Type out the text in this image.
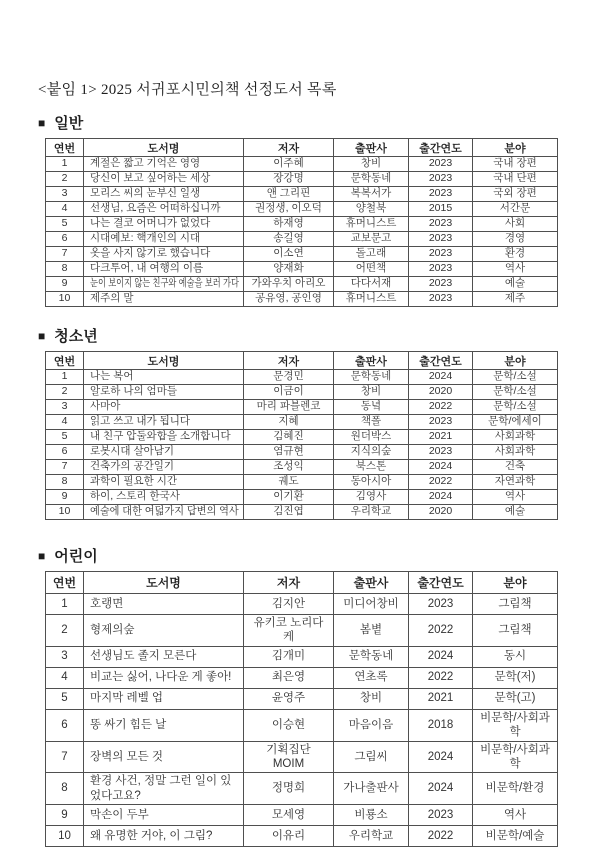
<붙임 1> 2025 서귀포시민의책 선정도서 목록
■ 일반
연번	도서명	저자	출판사	출간연도	분야
1	계절은 짧고 기억은 영영	이주혜	창비	2023	국내 장편
2	당신이 보고 싶어하는 세상	장강명	문학동네	2023	국내 단편
3	모리스 씨의 눈부신 일생	앤 그리핀	복복서가	2023	국외 장편
4	선생님, 요즘은 어떠하십니까	권정생, 이오덕	양철북	2015	서간문
5	나는 결코 어머니가 없었다	하재영	휴머니스트	2023	사회
6	시대예보: 핵개인의 시대	송길영	교보문고	2023	경영
7	옷을 사지 않기로 했습니다	이소연	돌고래	2023	환경
8	다크투어, 내 여행의 이름	양재화	어떤책	2023	역사
9	눈이 보이지 않는 친구와 예술을 보러 가다	가와우치 아리오	다다서재	2023	예술
10	제주의 말	공유영, 공인영	휴머니스트	2023	제주
■ 청소년
연번	도서명	저자	출판사	출간연도	분야
1	나는 복어	문경민	문학동네	2024	문학/소설
2	알로하 나의 엄마들	이금이	창비	2020	문학/소설
3	사마아	마리 파블렌코	동녘	2022	문학/소설
4	읽고 쓰고 내가 됩니다	지혜	책폴	2023	문학/에세이
5	내 친구 압둘와합을 소개합니다	김혜진	원더박스	2021	사회과학
6	로봇시대 살아남기	염규현	지식의숲	2023	사회과학
7	건축가의 공간일기	조성익	북스톤	2024	건축
8	과학이 필요한 시간	궤도	동아시아	2022	자연과학
9	하이, 스토리 한국사	이기환	김영사	2024	역사
10	예술에 대한 여덟가지 답변의 역사	김진엽	우리학교	2020	예술
■ 어린이
연번	도서명	저자	출판사	출간연도	분야
1	호랭면	김지안	미디어창비	2023	그림책
2	형제의숲	유키코 노리다케	봄볕	2022	그림책
3	선생님도 졸지 모른다	김개미	문학동네	2024	동시
4	비교는 싫어, 나다운 게 좋아!	최은영	연초록	2022	문학(저)
5	마지막 레벨 업	윤영주	창비	2021	문학(고)
6	똥 싸기 힘든 날	이승현	마음이음	2018	비문학/사회과학
7	장벽의 모든 것	기획집단 MOIM	그림씨	2024	비문학/사회과학
8	환경 사건, 정말 그런 일이 있었다고요?	정명희	가나출판사	2024	비문학/환경
9	막손이 두부	모세영	비룡소	2023	역사
10	왜 유명한 거야, 이 그림?	이유리	우리학교	2022	비문학/예술
